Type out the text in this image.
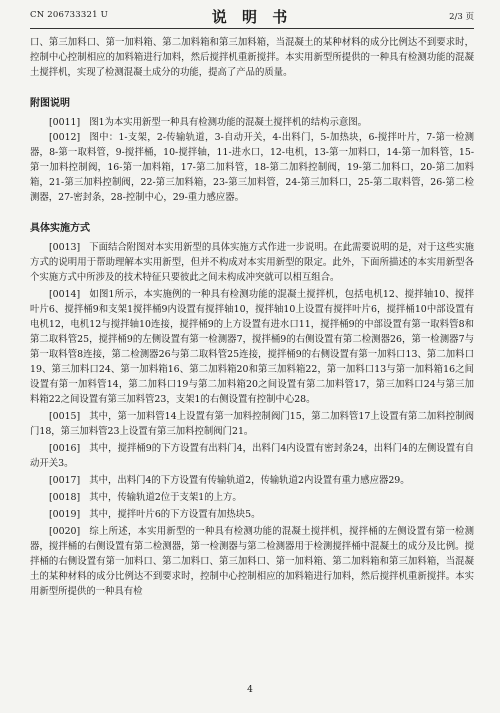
CN 206733321 U	说 明 书	2/3 页

口、第三加料口、第一加料箱、第二加料箱和第三加料箱，当混凝土的某种材料的成分比例达不到要求时，控制中心控制相应的加料箱进行加料，然后搅拌机重新搅拌。本实用新型所提供的一种具有检测功能的混凝土搅拌机，实现了检测混凝土成分的功能，提高了产品的质量。

附图说明

[0011] 图1为本实用新型一种具有检测功能的混凝土搅拌机的结构示意图。

[0012] 图中：1-支架，2-传输轨道，3-自动开关，4-出料门，5-加热块，6-搅拌叶片，7-第一检测器，8-第一取料管，9-搅拌桶，10-搅拌轴，11-进水口，12-电机，13-第一加料口，14-第一加料管，15-第一加料控制阀，16-第一加料箱，17-第二加料管，18-第二加料控制阀，19-第二加料口，20-第二加料箱，21-第三加料控制阀，22-第三加料箱，23-第三加料管，24-第三加料口，25-第二取料管，26-第二检测器，27-密封条，28-控制中心，29-重力感应器。

具体实施方式

[0013] 下面结合附图对本实用新型的具体实施方式作进一步说明。在此需要说明的是，对于这些实施方式的说明用于帮助理解本实用新型，但并不构成对本实用新型的限定。此外，下面所描述的本实用新型各个实施方式中所涉及的技术特征只要彼此之间未构成冲突就可以相互组合。

[0014] 如图1所示，本实施例的一种具有检测功能的混凝土搅拌机，包括电机12、搅拌轴10、搅拌叶片6、搅拌桶9和支架1搅拌桶9内设置有搅拌轴10，搅拌轴10上设置有搅拌叶片6，搅拌桶10中部设置有电机12，电机12与搅拌轴10连接，搅拌桶9的上方设置有进水口11，搅拌桶9的中部设置有第一取料管8和第二取料管25，搅拌桶9的左侧设置有第一检测器7，搅拌桶9的右侧设置有第二检测器26，第一检测器7与第一取料管8连接，第二检测器26与第二取料管25连接，搅拌桶9的右侧设置有第一加料口13、第二加料口19、第三加料口24、第一加料箱16、第二加料箱20和第三加料箱22，第一加料口13与第一加料箱16之间设置有第一加料管14，第二加料口19与第二加料箱20之间设置有第二加料管17，第三加料口24与第三加料箱22之间设置有第三加料管23，支架1的右侧设置有控制中心28。

[0015] 其中，第一加料管14上设置有第一加料控制阀门15，第二加料管17上设置有第二加料控制阀门18，第三加料管23上设置有第三加料控制阀门21。

[0016] 其中，搅拌桶9的下方设置有出料门4，出料门4内设置有密封条24，出料门4的左侧设置有自动开关3。

[0017] 其中，出料门4的下方设置有传输轨道2，传输轨道2内设置有重力感应器29。

[0018] 其中，传输轨道2位于支架1的上方。

[0019] 其中，搅拌叶片6的下方设置有加热块5。

[0020] 综上所述，本实用新型的一种具有检测功能的混凝土搅拌机，搅拌桶的左侧设置有第一检测器，搅拌桶的右侧设置有第二检测器，第一检测器与第二检测器用于检测搅拌桶中混凝土的成分及比例。搅拌桶的右侧设置有第一加料口、第二加料口、第三加料口、第一加料箱、第二加料箱和第三加料箱，当混凝土的某种材料的成分比例达不到要求时，控制中心控制相应的加料箱进行加料，然后搅拌机重新搅拌。本实用新型所提供的一种具有检

4
